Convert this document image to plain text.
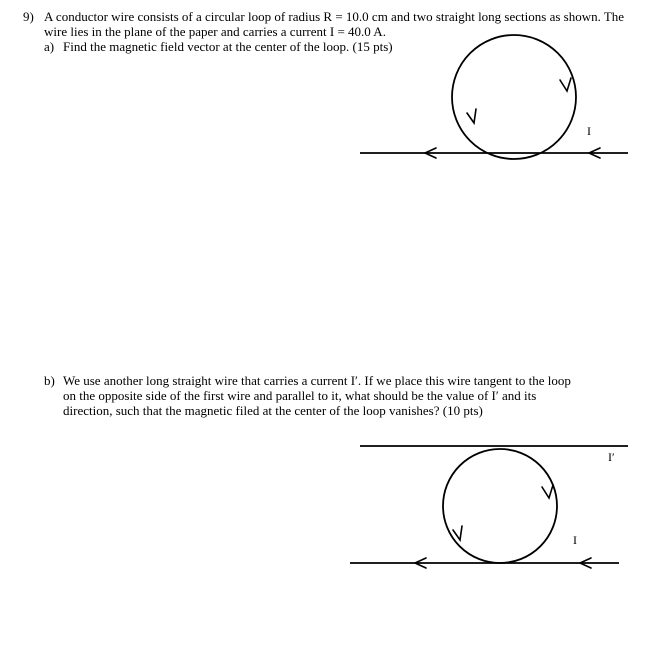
9) A conductor wire consists of a circular loop of radius R = 10.0 cm and two straight long sections as shown. The
wire lies in the plane of the paper and carries a current I = 40.0 A.
a) Find the magnetic field vector at the center of the loop. (15 pts)
I
b) We use another long straight wire that carries a current I′. If we place this wire tangent to the loop
on the opposite side of the first wire and parallel to it, what should be the value of I′ and its
direction, such that the magnetic filed at the center of the loop vanishes? (10 pts)
I
I′
